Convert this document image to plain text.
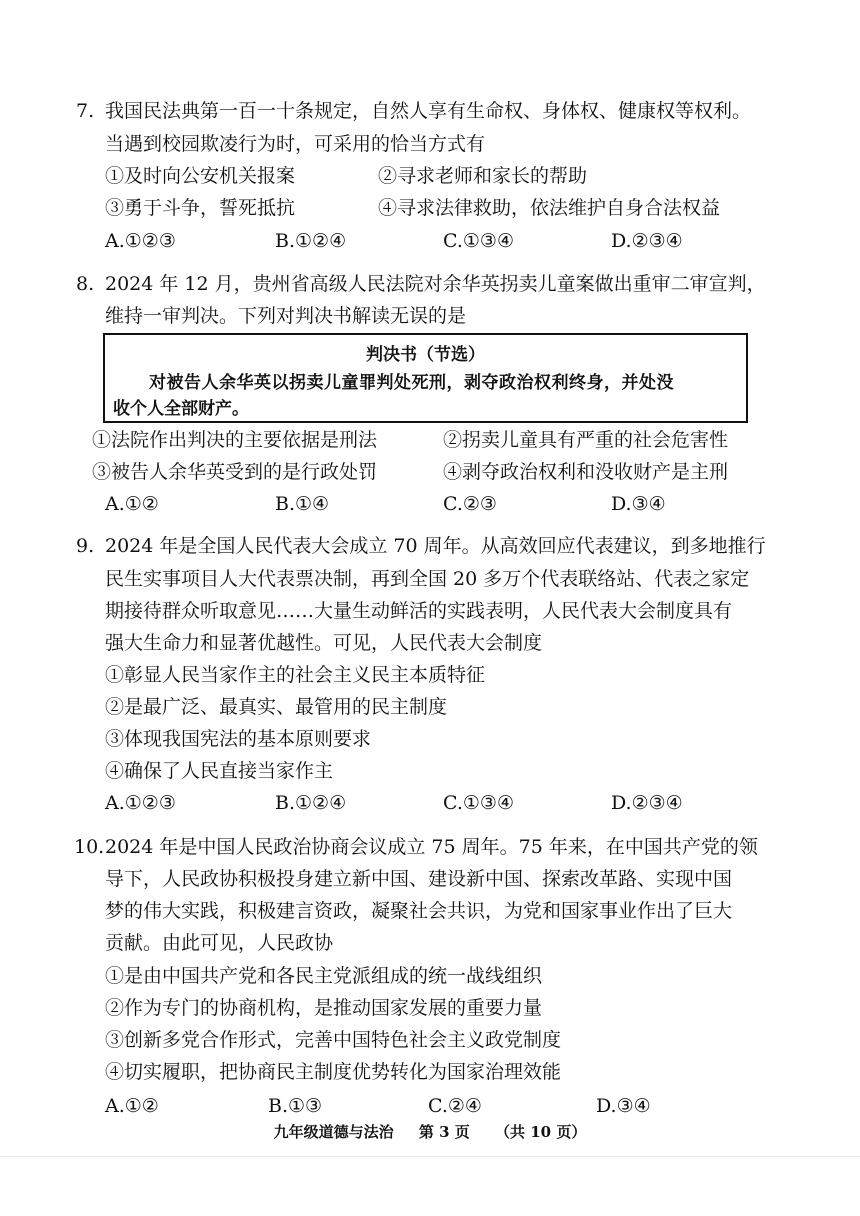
7. 我国民法典第一百一十条规定，自然人享有生命权、身体权、健康权等权利。
当遇到校园欺凌行为时，可采用的恰当方式有
①及时向公安机关报案	②寻求老师和家长的帮助
③勇于斗争，誓死抵抗	④寻求法律救助，依法维护自身合法权益
A.①②③	B.①②④	C.①③④	D.②③④
8. 2024 年 12 月，贵州省高级人民法院对余华英拐卖儿童案做出重审二审宣判，
维持一审判决。下列对判决书解读无误的是
判决书（节选）
对被告人余华英以拐卖儿童罪判处死刑，剥夺政治权利终身，并处没
收个人全部财产。
①法院作出判决的主要依据是刑法	②拐卖儿童具有严重的社会危害性
③被告人余华英受到的是行政处罚	④剥夺政治权利和没收财产是主刑
A.①②	B.①④	C.②③	D.③④
9. 2024 年是全国人民代表大会成立 70 周年。从高效回应代表建议，到多地推行
民生实事项目人大代表票决制，再到全国 20 多万个代表联络站、代表之家定
期接待群众听取意见……大量生动鲜活的实践表明，人民代表大会制度具有
强大生命力和显著优越性。可见，人民代表大会制度
①彰显人民当家作主的社会主义民主本质特征
②是最广泛、最真实、最管用的民主制度
③体现我国宪法的基本原则要求
④确保了人民直接当家作主
A.①②③	B.①②④	C.①③④	D.②③④
10. 2024 年是中国人民政治协商会议成立 75 周年。75 年来，在中国共产党的领
导下，人民政协积极投身建立新中国、建设新中国、探索改革路、实现中国
梦的伟大实践，积极建言资政，凝聚社会共识，为党和国家事业作出了巨大
贡献。由此可见，人民政协
①是由中国共产党和各民主党派组成的统一战线组织
②作为专门的协商机构，是推动国家发展的重要力量
③创新多党合作形式，完善中国特色社会主义政党制度
④切实履职，把协商民主制度优势转化为国家治理效能
A.①②	B.①③	C.②④	D.③④
九年级道德与法治 第 3 页 （共 10 页）
